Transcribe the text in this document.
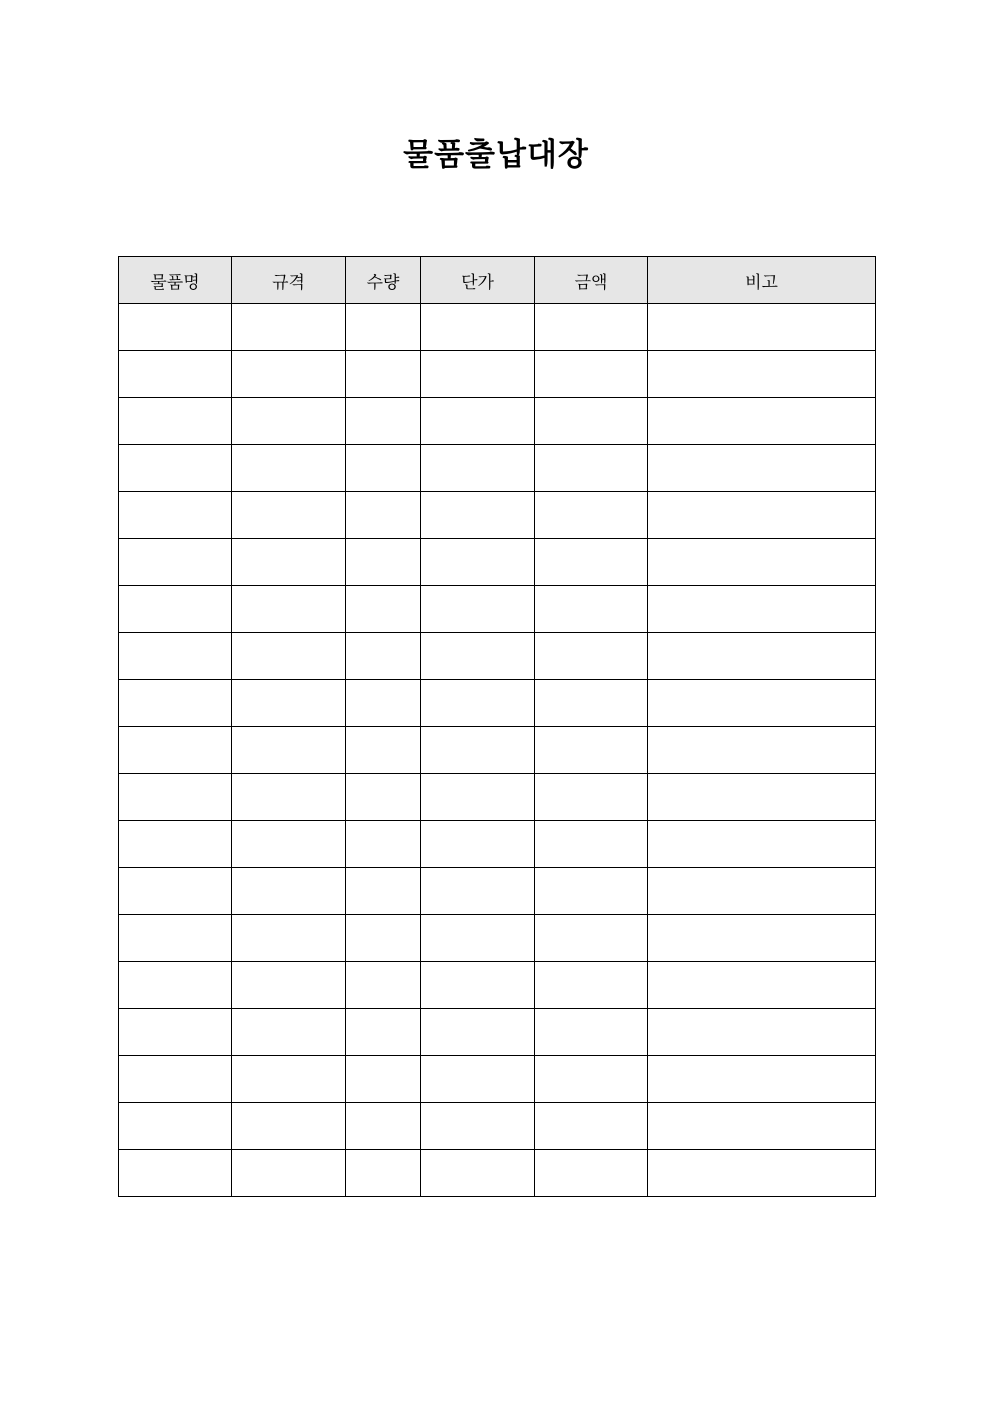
물품출납대장
물품명	규격	수량	단가	금액	비고
